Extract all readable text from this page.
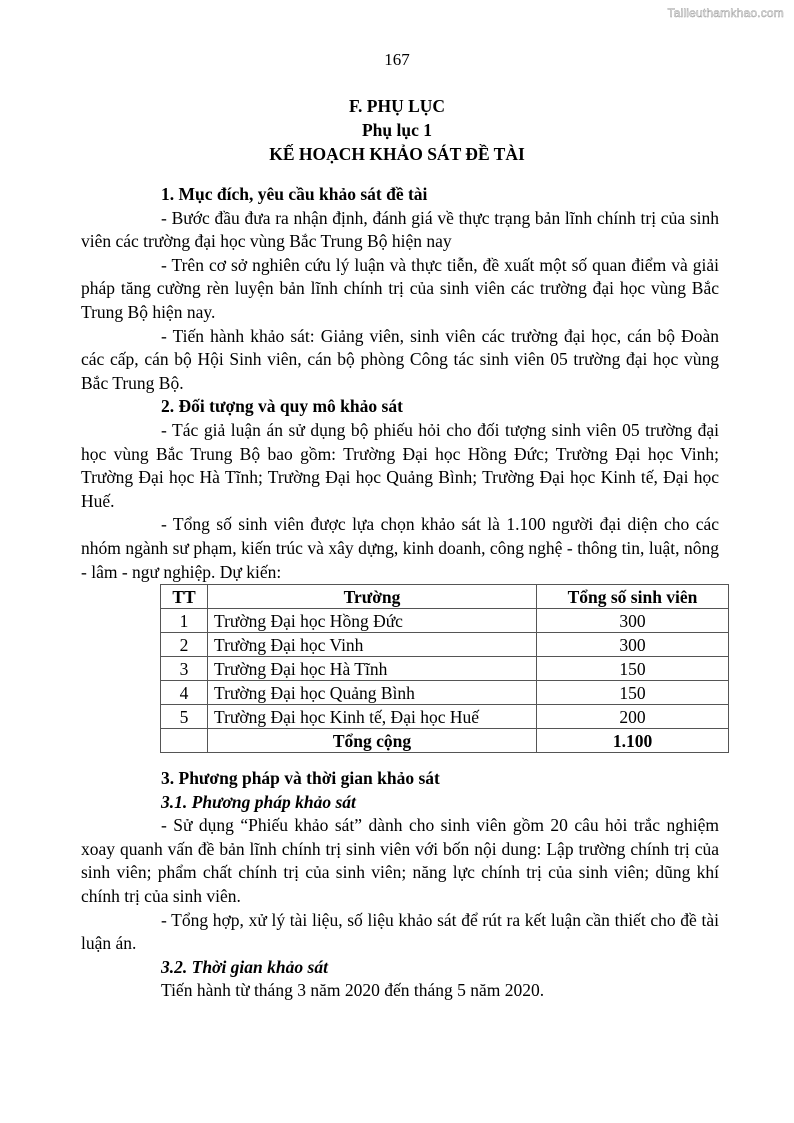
Tailieuthamkhao.com
167
F. PHỤ LỤC
Phụ lục 1
KẾ HOẠCH KHẢO SÁT ĐỀ TÀI

1. Mục đích, yêu cầu khảo sát đề tài

- Bước đầu đưa ra nhận định, đánh giá về thực trạng bản lĩnh chính trị của sinh viên các trường đại học vùng Bắc Trung Bộ hiện nay

- Trên cơ sở nghiên cứu lý luận và thực tiễn, đề xuất một số quan điểm và giải pháp tăng cường rèn luyện bản lĩnh chính trị của sinh viên các trường đại học vùng Bắc Trung Bộ hiện nay.

- Tiến hành khảo sát: Giảng viên, sinh viên các trường đại học, cán bộ Đoàn các cấp, cán bộ Hội Sinh viên, cán bộ phòng Công tác sinh viên 05 trường đại học vùng Bắc Trung Bộ.

2. Đối tượng và quy mô khảo sát

- Tác giả luận án sử dụng bộ phiếu hỏi cho đối tượng sinh viên 05 trường đại học vùng Bắc Trung Bộ bao gồm: Trường Đại học Hồng Đức; Trường Đại học Vinh; Trường Đại học Hà Tĩnh; Trường Đại học Quảng Bình; Trường Đại học Kinh tế, Đại học Huế.

- Tổng số sinh viên được lựa chọn khảo sát là 1.100 người đại diện cho các nhóm ngành sư phạm, kiến trúc và xây dựng, kinh doanh, công nghệ - thông tin, luật, nông - lâm - ngư nghiệp. Dự kiến:

TT	Trường	Tổng số sinh viên
1	Trường Đại học Hồng Đức	300
2	Trường Đại học Vinh	300
3	Trường Đại học Hà Tĩnh	150
4	Trường Đại học Quảng Bình	150
5	Trường Đại học Kinh tế, Đại học Huế	200
	Tổng cộng	1.100

3. Phương pháp và thời gian khảo sát

3.1. Phương pháp khảo sát

- Sử dụng “Phiếu khảo sát” dành cho sinh viên gồm 20 câu hỏi trắc nghiệm xoay quanh vấn đề bản lĩnh chính trị sinh viên với bốn nội dung: Lập trường chính trị của sinh viên; phẩm chất chính trị của sinh viên; năng lực chính trị của sinh viên; dũng khí chính trị của sinh viên.

- Tổng hợp, xử lý tài liệu, số liệu khảo sát để rút ra kết luận cần thiết cho đề tài luận án.

3.2. Thời gian khảo sát

Tiến hành từ tháng 3 năm 2020 đến tháng 5 năm 2020.
